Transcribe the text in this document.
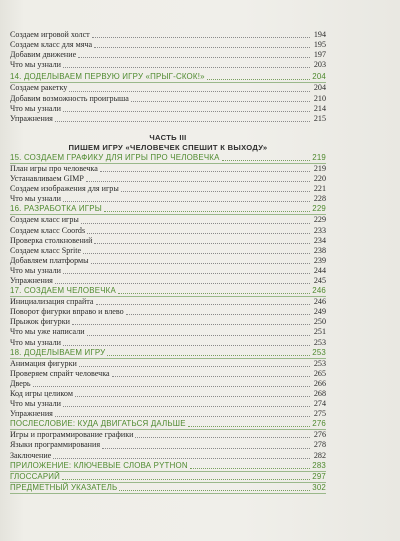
Создаем игровой холст	194
Создаем класс для мяча	195
Добавим движение	197
Что мы узнали	203
14. ДОДЕЛЫВАЕМ ПЕРВУЮ ИГРУ «ПРЫГ-СКОК!»	204
Создаем ракетку	204
Добавим возможность проигрыша	210
Что мы узнали	214
Упражнения	215
ЧАСТЬ III
ПИШЕМ ИГРУ «ЧЕЛОВЕЧЕК СПЕШИТ К ВЫХОДУ»
15. СОЗДАЕМ ГРАФИКУ ДЛЯ ИГРЫ ПРО ЧЕЛОВЕЧКА	219
План игры про человечка	219
Устанавливаем GIMP	220
Создаем изображения для игры	221
Что мы узнали	228
16. РАЗРАБОТКА ИГРЫ	229
Создаем класс игры	229
Создаем класс Coords	233
Проверка столкновений	234
Создаем класс Sprite	238
Добавляем платформы	239
Что мы узнали	244
Упражнения	245
17. СОЗДАЕМ ЧЕЛОВЕЧКА	246
Инициализация спрайта	246
Поворот фигурки вправо и влево	249
Прыжок фигурки	250
Что мы уже написали	251
Что мы узнали	253
18. ДОДЕЛЫВАЕМ ИГРУ	253
Анимация фигурки	253
Проверяем спрайт человечка	265
Дверь	266
Код игры целиком	268
Что мы узнали	274
Упражнения	275
ПОСЛЕСЛОВИЕ: КУДА ДВИГАТЬСЯ ДАЛЬШЕ	276
Игры и программирование графики	276
Языки программирования	278
Заключение	282
ПРИЛОЖЕНИЕ: КЛЮЧЕВЫЕ СЛОВА PYTHON	283
ГЛОССАРИЙ	297
ПРЕДМЕТНЫЙ УКАЗАТЕЛЬ	302
